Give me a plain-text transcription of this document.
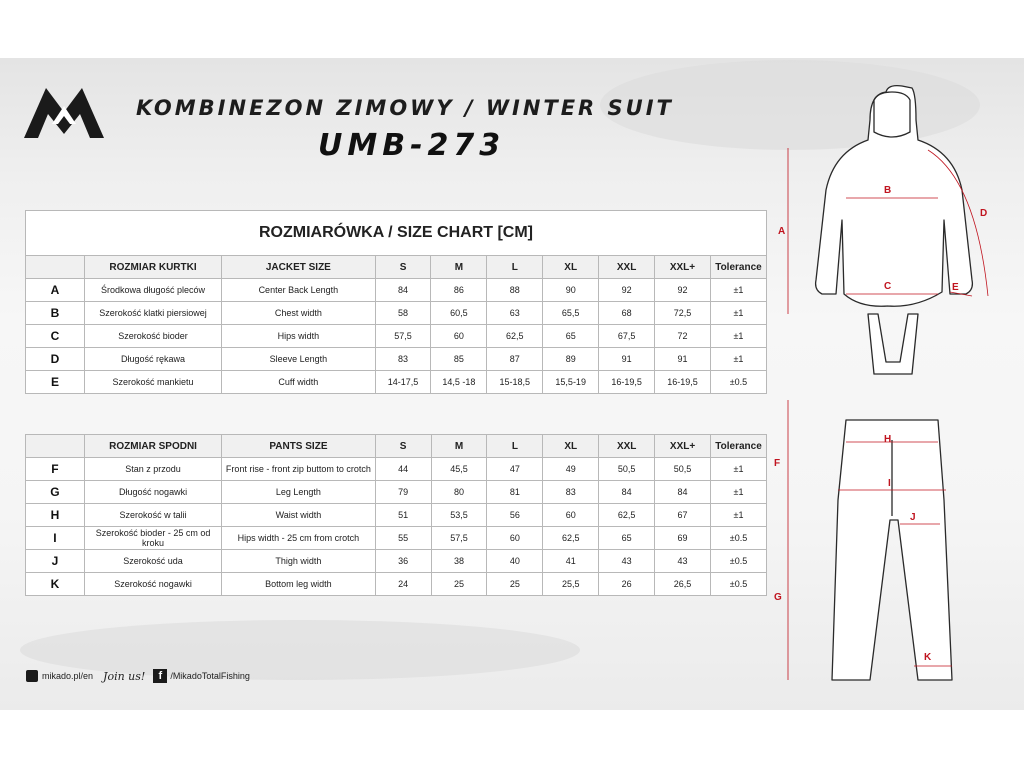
KOMBINEZON ZIMOWY / WINTER SUIT
UMB-273
ROZMIARÓWKA / SIZE CHART [CM]									
	ROZMIAR KURTKI	JACKET SIZE	S	M	L	XL	XXL	XXL+	Tolerance
A	Środkowa długość pleców	Center Back Length	84	86	88	90	92	92	±1
B	Szerokość klatki piersiowej	Chest width	58	60,5	63	65,5	68	72,5	±1
C	Szerokość bioder	Hips width	57,5	60	62,5	65	67,5	72	±1
D	Długość rękawa	Sleeve Length	83	85	87	89	91	91	±1
E	Szerokość mankietu	Cuff width	14-17,5	14,5 -18	15-18,5	15,5-19	16-19,5	16-19,5	±0.5
	ROZMIAR SPODNI	PANTS SIZE	S	M	L	XL	XXL	XXL+	Tolerance
F	Stan z przodu	Front rise - front zip buttom to crotch	44	45,5	47	49	50,5	50,5	±1
G	Długość nogawki	Leg Length	79	80	81	83	84	84	±1
H	Szerokość w talii	Waist width	51	53,5	56	60	62,5	67	±1
I	Szerokość bioder - 25 cm od kroku	Hips width - 25 cm from crotch	55	57,5	60	62,5	65	69	±0.5
J	Szerokość uda	Thigh width	36	38	40	41	43	43	±0.5
K	Szerokość nogawki	Bottom leg width	24	25	25	25,5	26	26,5	±0.5
mikado.pl/en Join us!	f /MikadoTotalFishing
A
B
C
D
E
F
G
H
I
J
K
